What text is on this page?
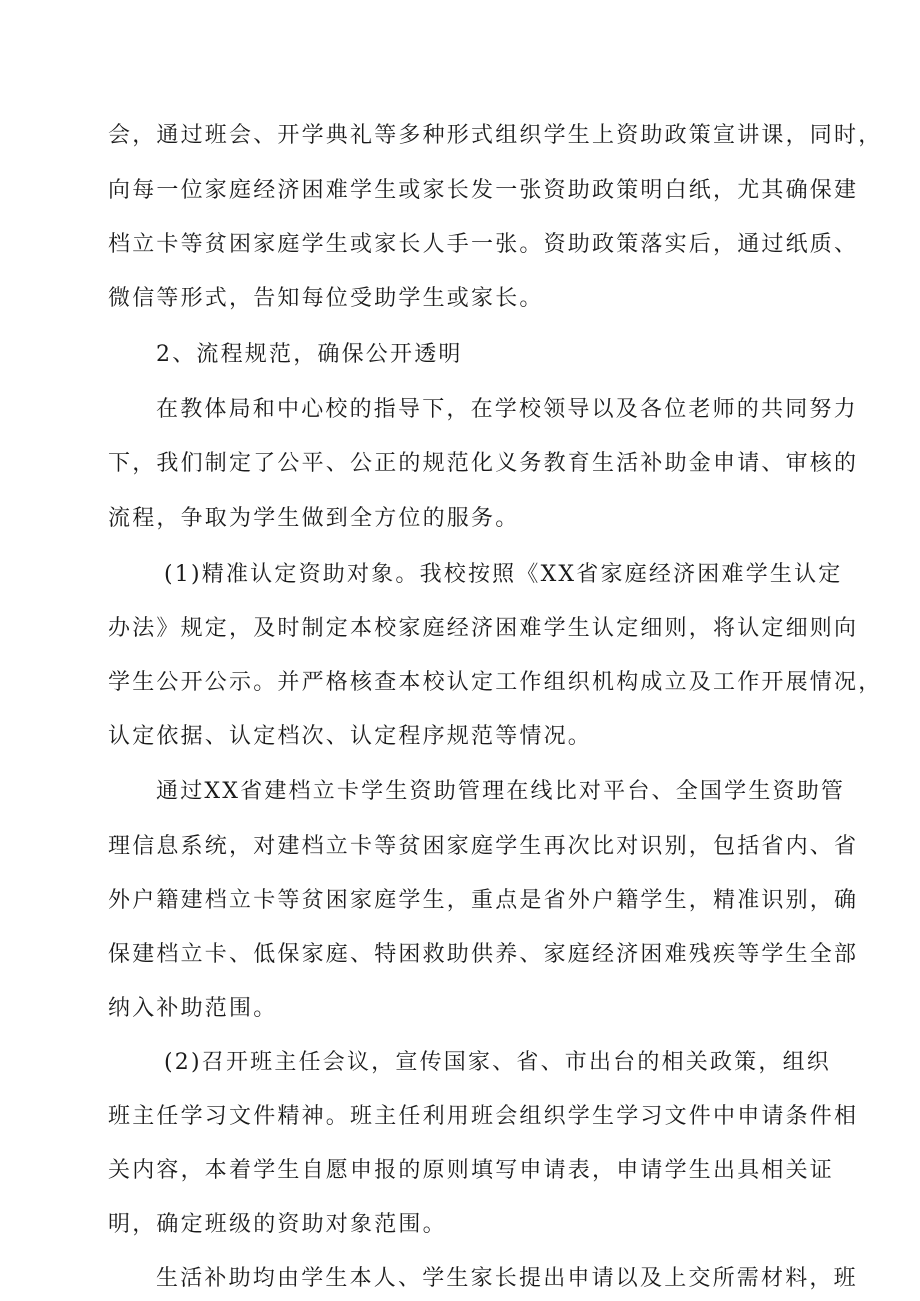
会，通过班会、开学典礼等多种形式组织学生上资助政策宣讲课，同时，
向每一位家庭经济困难学生或家长发一张资助政策明白纸，尤其确保建
档立卡等贫困家庭学生或家长人手一张。资助政策落实后，通过纸质、
微信等形式，告知每位受助学生或家长。
2、流程规范，确保公开透明
在教体局和中心校的指导下，在学校领导以及各位老师的共同努力
下，我们制定了公平、公正的规范化义务教育生活补助金申请、审核的
流程，争取为学生做到全方位的服务。
(1)精准认定资助对象。我校按照《XX省家庭经济困难学生认定
办法》规定，及时制定本校家庭经济困难学生认定细则，将认定细则向
学生公开公示。并严格核查本校认定工作组织机构成立及工作开展情况，
认定依据、认定档次、认定程序规范等情况。
通过XX省建档立卡学生资助管理在线比对平台、全国学生资助管
理信息系统，对建档立卡等贫困家庭学生再次比对识别，包括省内、省
外户籍建档立卡等贫困家庭学生，重点是省外户籍学生，精准识别，确
保建档立卡、低保家庭、特困救助供养、家庭经济困难残疾等学生全部
纳入补助范围。
(2)召开班主任会议，宣传国家、省、市出台的相关政策，组织
班主任学习文件精神。班主任利用班会组织学生学习文件中申请条件相
关内容，本着学生自愿申报的原则填写申请表，申请学生出具相关证
明，确定班级的资助对象范围。
生活补助均由学生本人、学生家长提出申请以及上交所需材料，班
